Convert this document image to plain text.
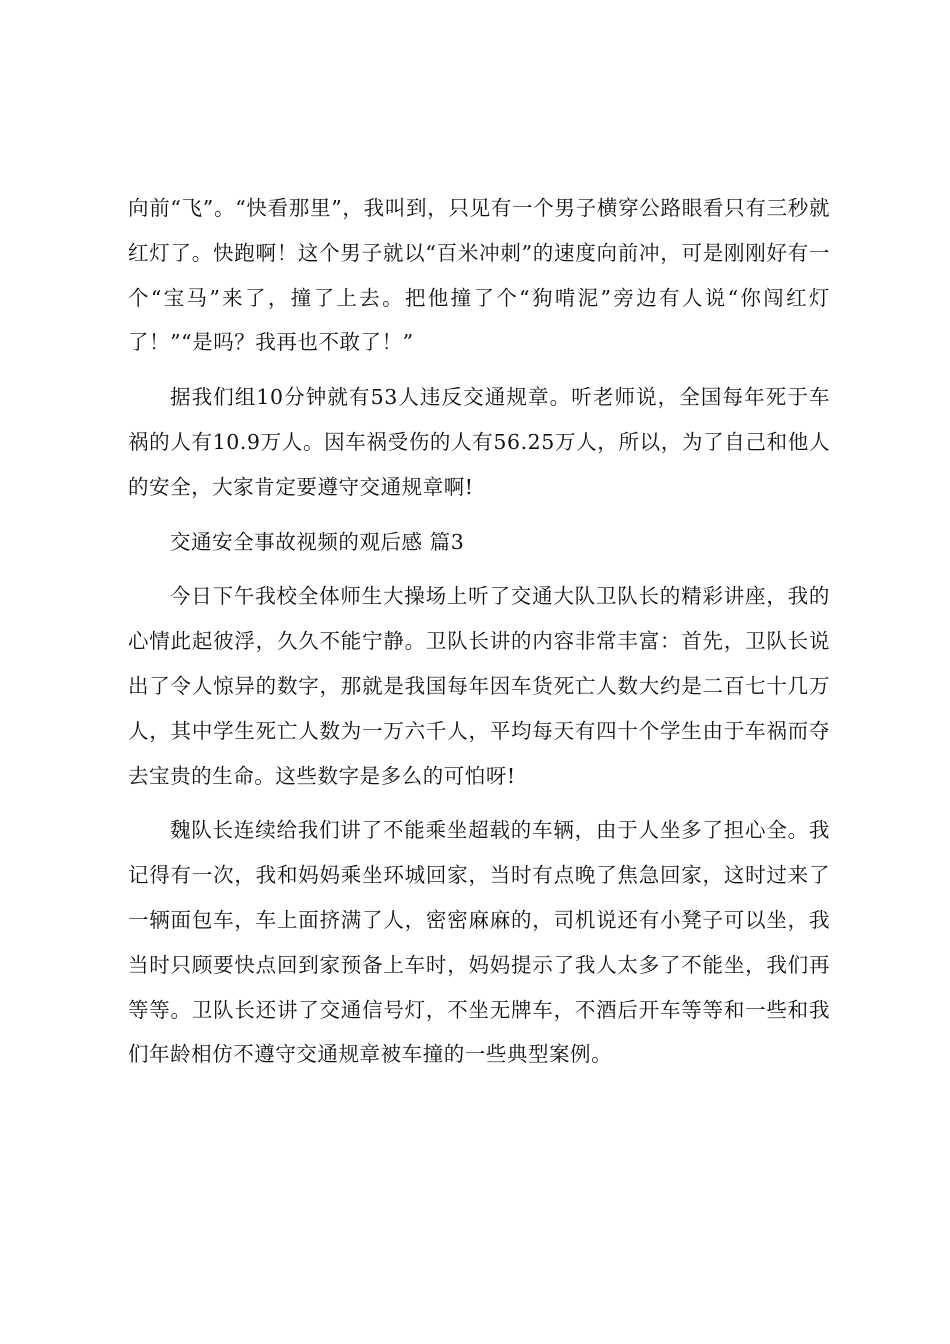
向前“飞”。“快看那里”，我叫到，只见有一个男子横穿公路眼看只有三秒就红灯了。快跑啊！这个男子就以“百米冲刺”的速度向前冲，可是刚刚好有一个“宝马”来了，撞了上去。把他撞了个“狗啃泥”旁边有人说“你闯红灯了！”“是吗？我再也不敢了！”

据我们组10分钟就有53人违反交通规章。听老师说，全国每年死于车祸的人有10.9万人。因车祸受伤的人有56.25万人，所以，为了自己和他人的安全，大家肯定要遵守交通规章啊!

交通安全事故视频的观后感 篇3

今日下午我校全体师生大操场上听了交通大队卫队长的精彩讲座，我的心情此起彼浮，久久不能宁静。卫队长讲的内容非常丰富：首先，卫队长说出了令人惊异的数字，那就是我国每年因车货死亡人数大约是二百七十几万人，其中学生死亡人数为一万六千人，平均每天有四十个学生由于车祸而夺去宝贵的生命。这些数字是多么的可怕呀!

魏队长连续给我们讲了不能乘坐超载的车辆，由于人坐多了担心全。我记得有一次，我和妈妈乘坐环城回家，当时有点晚了焦急回家，这时过来了一辆面包车，车上面挤满了人，密密麻麻的，司机说还有小凳子可以坐，我当时只顾要快点回到家预备上车时，妈妈提示了我人太多了不能坐，我们再等等。卫队长还讲了交通信号灯，不坐无牌车，不酒后开车等等和一些和我们年龄相仿不遵守交通规章被车撞的一些典型案例。
